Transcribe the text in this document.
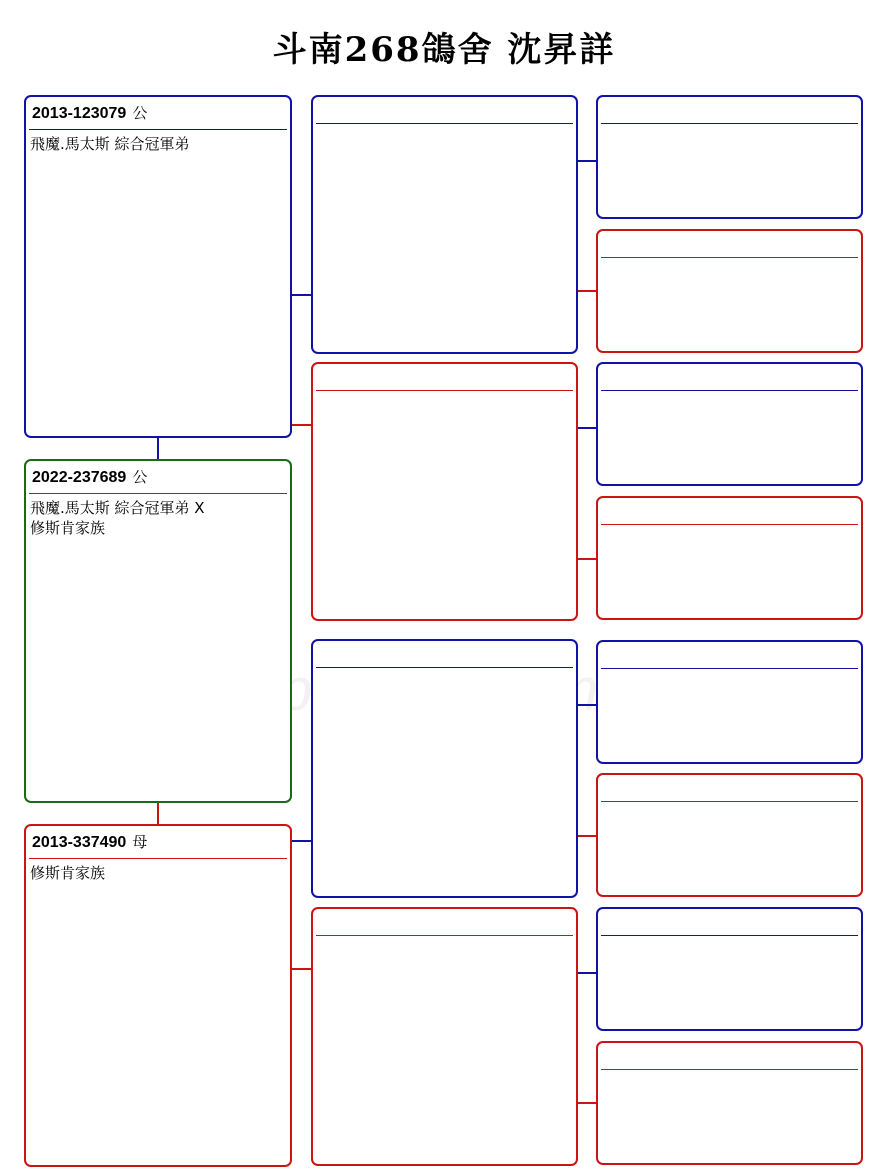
斗南268鴿舍 沈昇詳
2013-123079 公
飛魔.馬太斯 綜合冠軍弟
2022-237689 公
飛魔.馬太斯 綜合冠軍弟 X
修斯肯家族
2013-337490 母
修斯肯家族
